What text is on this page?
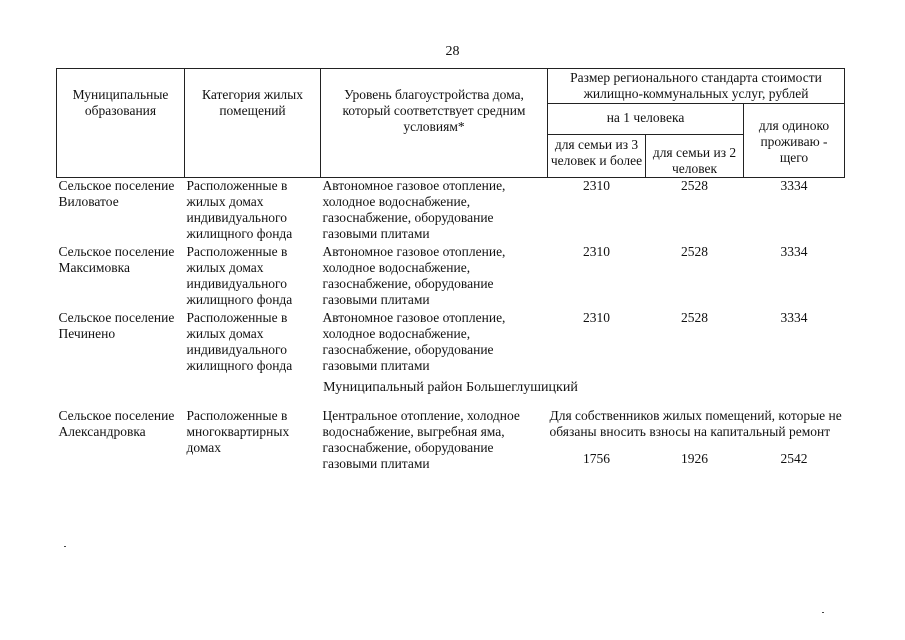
28
Муниципальные образования	Категория жилых помещений	Уровень благоустройства дома, который соответствует средним условиям*	Размер регионального стандарта стоимости жилищно-коммунальных услуг, рублей		
			на 1 человека		для одиноко проживаю - щего
			для семьи из 3 человек и более	для семьи из 2 человек	
Сельское поселение Виловатое	Расположенные в жилых домах индивидуального жилищного фонда	Автономное газовое отопление, холодное водоснабжение, газоснабжение, оборудование газовыми плитами	2310	2528	3334

Сельское поселение Максимовка	Расположенные в жилых домах индивидуального жилищного фонда	Автономное газовое отопление, холодное водоснабжение, газоснабжение, оборудование газовыми плитами	2310	2528	3334

Сельское поселение Печинено	Расположенные в жилых домах индивидуального жилищного фонда	Автономное газовое отопление, холодное водоснабжение, газоснабжение, оборудование газовыми плитами	2310	2528	3334
Муниципальный район Большеглушицкий					
Сельское поселение Александровка	Расположенные в многоквартирных домах	Центральное отопление, холодное водоснабжение, выгребная яма, газоснабжение, оборудование газовыми плитами	Для собственников жилых помещений, которые не обязаны вносить взносы на капитальный ремонт		
			1756	1926	2542
